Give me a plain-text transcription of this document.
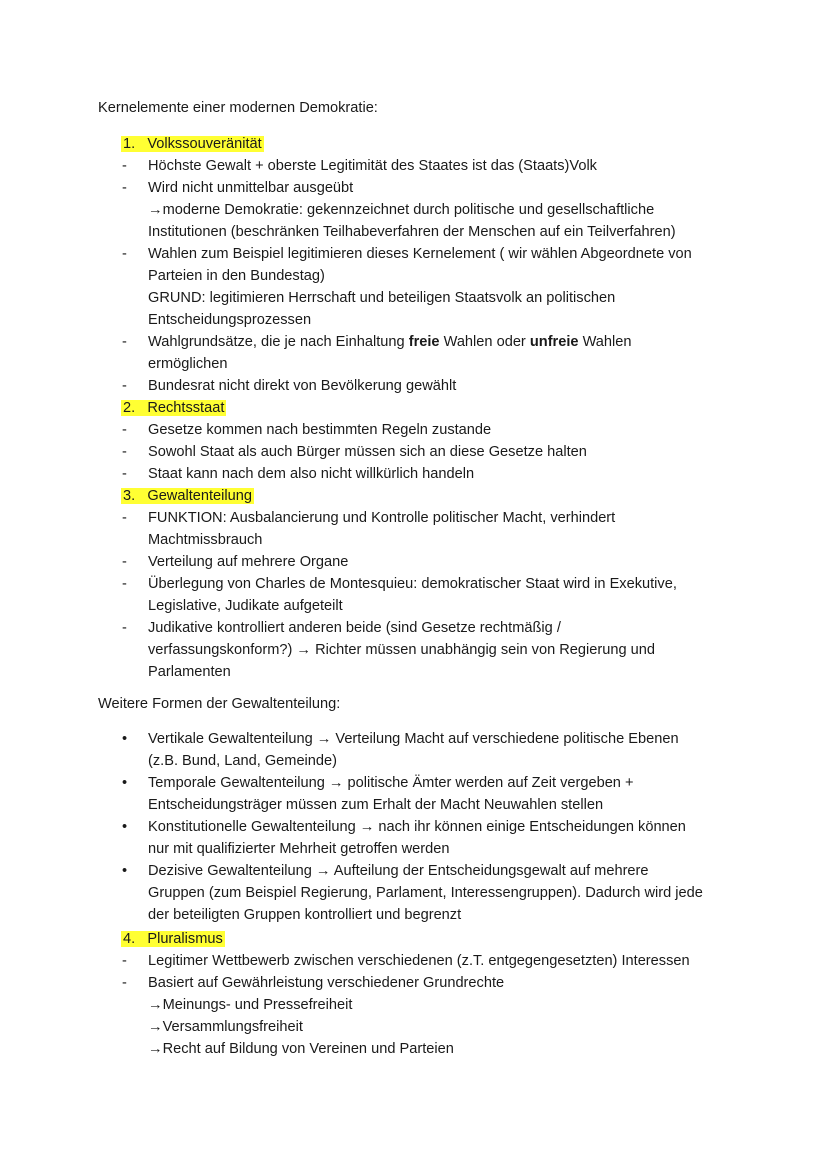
Kernelemente einer modernen Demokratie:
1. Volkssouveränität
- Höchste Gewalt + oberste Legitimität des Staates ist das (Staats)Volk
- Wird nicht unmittelbar ausgeübt
→moderne Demokratie: gekennzeichnet durch politische und gesellschaftliche
Institutionen (beschränken Teilhabeverfahren der Menschen auf ein Teilverfahren)
- Wahlen zum Beispiel legitimieren dieses Kernelement ( wir wählen Abgeordnete von
Parteien in den Bundestag)
GRUND: legitimieren Herrschaft und beteiligen Staatsvolk an politischen
Entscheidungsprozessen
- Wahlgrundsätze, die je nach Einhaltung freie Wahlen oder unfreie Wahlen
ermöglichen
- Bundesrat nicht direkt von Bevölkerung gewählt
2. Rechtsstaat
- Gesetze kommen nach bestimmten Regeln zustande
- Sowohl Staat als auch Bürger müssen sich an diese Gesetze halten
- Staat kann nach dem also nicht willkürlich handeln
3. Gewaltenteilung
- FUNKTION: Ausbalancierung und Kontrolle politischer Macht, verhindert
Machtmissbrauch
- Verteilung auf mehrere Organe
- Überlegung von Charles de Montesquieu: demokratischer Staat wird in Exekutive,
Legislative, Judikate aufgeteilt
- Judikative kontrolliert anderen beide (sind Gesetze rechtmäßig /
verfassungskonform?) → Richter müssen unabhängig sein von Regierung und
Parlamenten
Weitere Formen der Gewaltenteilung:
• Vertikale Gewaltenteilung → Verteilung Macht auf verschiedene politische Ebenen
(z.B. Bund, Land, Gemeinde)
• Temporale Gewaltenteilung → politische Ämter werden auf Zeit vergeben +
Entscheidungsträger müssen zum Erhalt der Macht Neuwahlen stellen
• Konstitutionelle Gewaltenteilung → nach ihr können einige Entscheidungen können
nur mit qualifizierter Mehrheit getroffen werden
• Dezisive Gewaltenteilung → Aufteilung der Entscheidungsgewalt auf mehrere
Gruppen (zum Beispiel Regierung, Parlament, Interessengruppen). Dadurch wird jede
der beteiligten Gruppen kontrolliert und begrenzt
4. Pluralismus
- Legitimer Wettbewerb zwischen verschiedenen (z.T. entgegengesetzten) Interessen
- Basiert auf Gewährleistung verschiedener Grundrechte
→Meinungs- und Pressefreiheit
→Versammlungsfreiheit
→Recht auf Bildung von Vereinen und Parteien
